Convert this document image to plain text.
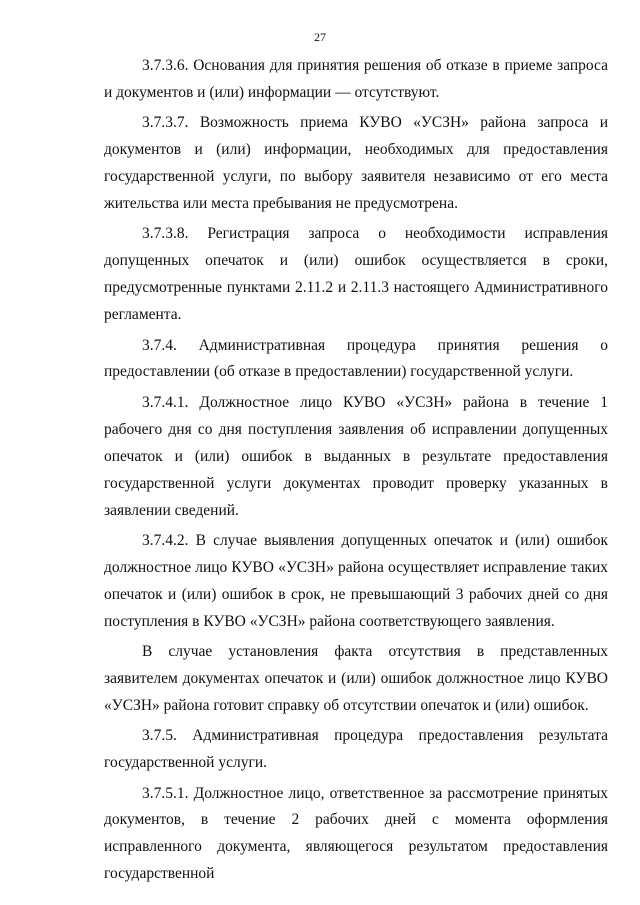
27

3.7.3.6. Основания для принятия решения об отказе в приеме запроса и документов и (или) информации — отсутствуют.

3.7.3.7. Возможность приема КУВО «УСЗН» района запроса и документов и (или) информации, необходимых для предоставления государственной услуги, по выбору заявителя независимо от его места жительства или места пребывания не предусмотрена.

3.7.3.8. Регистрация запроса о необходимости исправления допущенных опечаток и (или) ошибок осуществляется в сроки, предусмотренные пунктами 2.11.2 и 2.11.3 настоящего Административного регламента.

3.7.4. Административная процедура принятия решения о предоставлении (об отказе в предоставлении) государственной услуги.

3.7.4.1. Должностное лицо КУВО «УСЗН» района в течение 1 рабочего дня со дня поступления заявления об исправлении допущенных опечаток и (или) ошибок в выданных в результате предоставления государственной услуги документах проводит проверку указанных в заявлении сведений.

3.7.4.2. В случае выявления допущенных опечаток и (или) ошибок должностное лицо КУВО «УСЗН» района осуществляет исправление таких опечаток и (или) ошибок в срок, не превышающий 3 рабочих дней со дня поступления в КУВО «УСЗН» района соответствующего заявления.

В случае установления факта отсутствия в представленных заявителем документах опечаток и (или) ошибок должностное лицо КУВО «УСЗН» района готовит справку об отсутствии опечаток и (или) ошибок.

3.7.5. Административная процедура предоставления результата государственной услуги.

3.7.5.1. Должностное лицо, ответственное за рассмотрение принятых документов, в течение 2 рабочих дней с момента оформления исправленного документа, являющегося результатом предоставления государственной
